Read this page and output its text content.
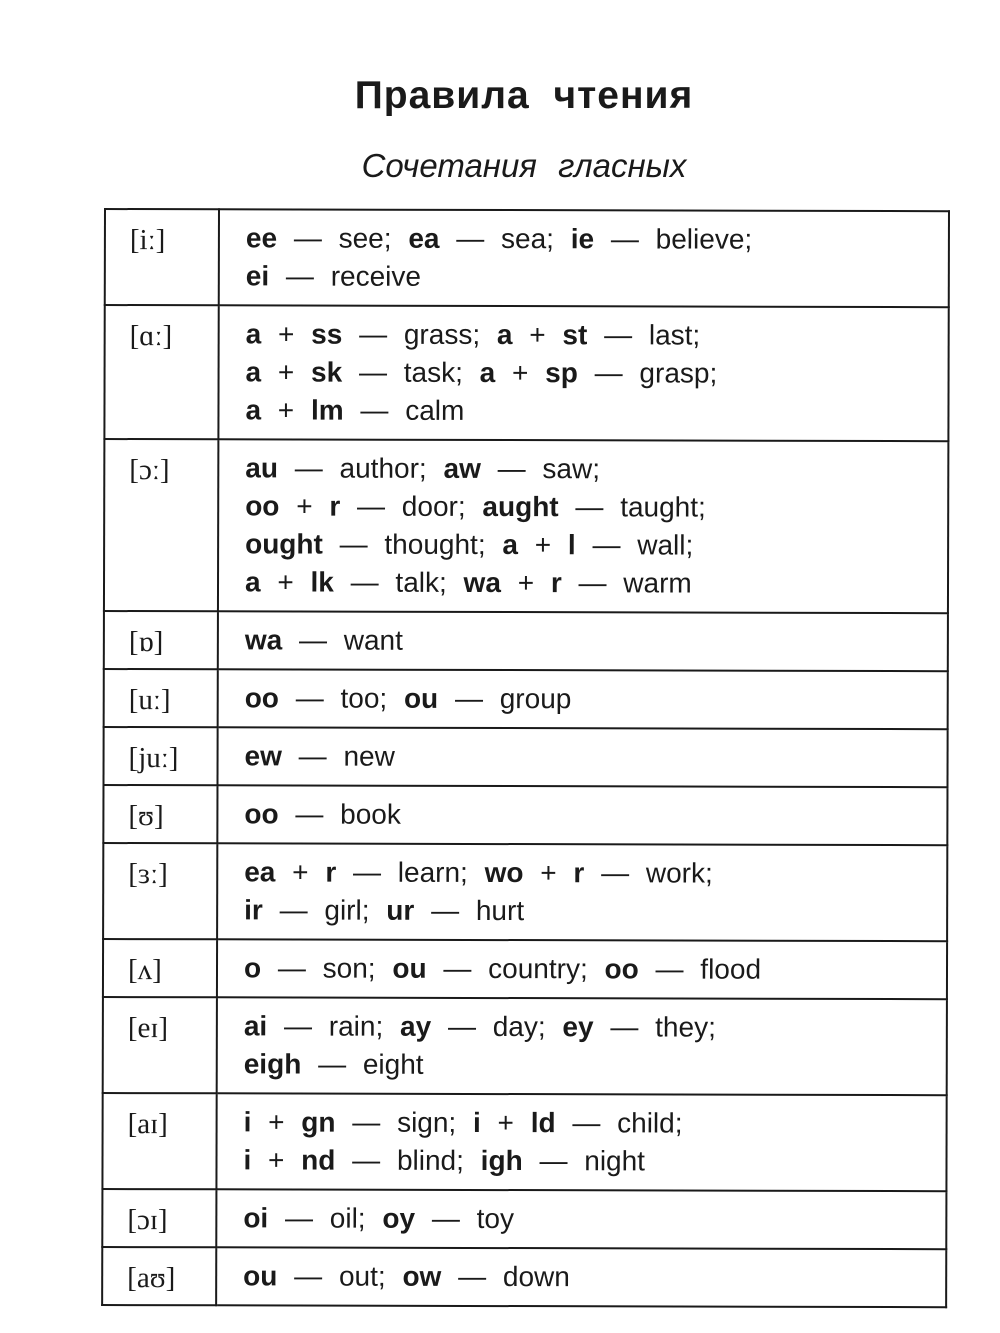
Правила чтения
Сочетания гласных
[iː]	ee — see; ea — sea; ie — believe;
ei — receive

[ɑː]	a + ss — grass; a + st — last;
a + sk — task; a + sp — grasp;
a + lm — calm

[ɔː]	au — author; aw — saw;
oo + r — door; aught — taught;
ought — thought; a + l — wall;
a + lk — talk; wa + r — warm

[ɒ]	wa — want

[uː]	oo — too; ou — group

[juː]	ew — new

[ʊ]	oo — book

[ɜː]	ea + r — learn; wo + r — work;
ir — girl; ur — hurt

[ʌ]	o — son; ou — country; oo — flood

[eɪ]	ai — rain; ay — day; ey — they;
eigh — eight

[aɪ]	i + gn — sign; i + ld — child;
i + nd — blind; igh — night

[ɔɪ]	oi — oil; oy — toy

[aʊ]	ou — out; ow — down
